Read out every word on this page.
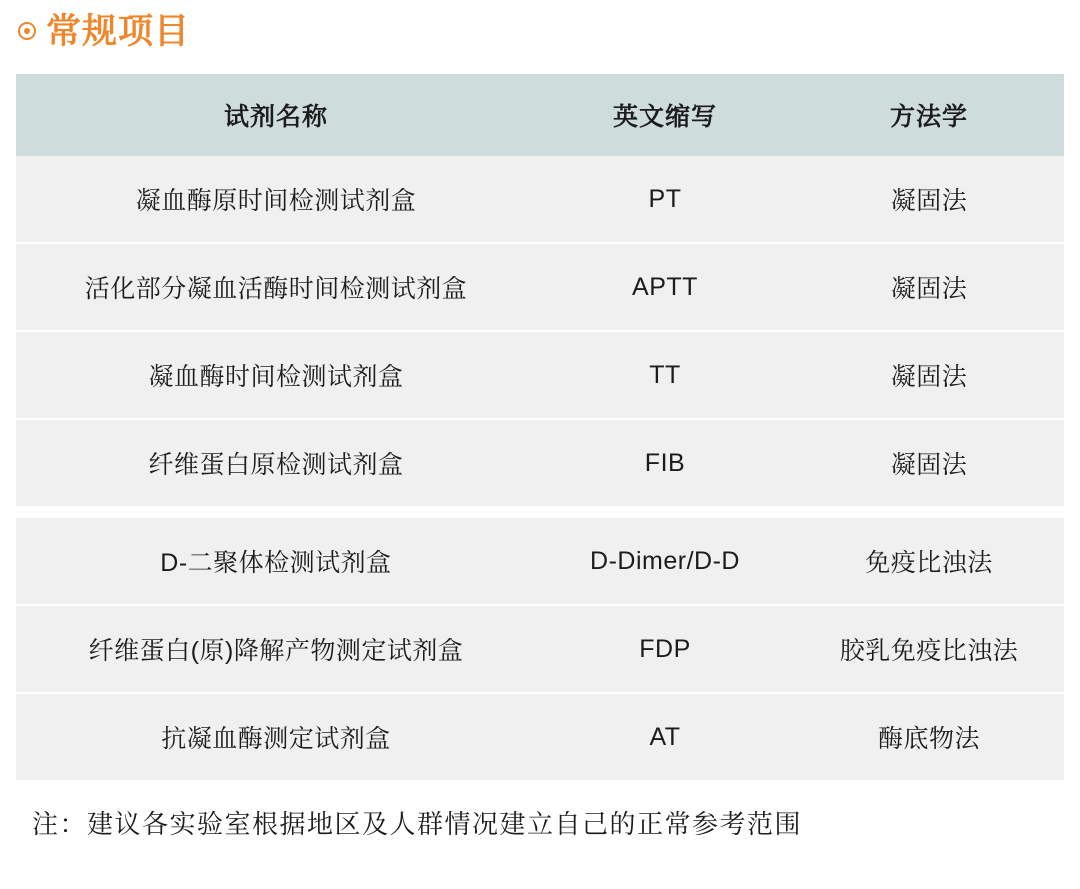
常规项目
试剂名称	英文缩写	方法学
凝血酶原时间检测试剂盒	PT	凝固法
活化部分凝血活酶时间检测试剂盒	APTT	凝固法
凝血酶时间检测试剂盒	TT	凝固法
纤维蛋白原检测试剂盒	FIB	凝固法

D-二聚体检测试剂盒	D-Dimer/D-D	免疫比浊法
纤维蛋白(原)降解产物测定试剂盒	FDP	胶乳免疫比浊法
抗凝血酶测定试剂盒	AT	酶底物法
注：建议各实验室根据地区及人群情况建立自己的正常参考范围
